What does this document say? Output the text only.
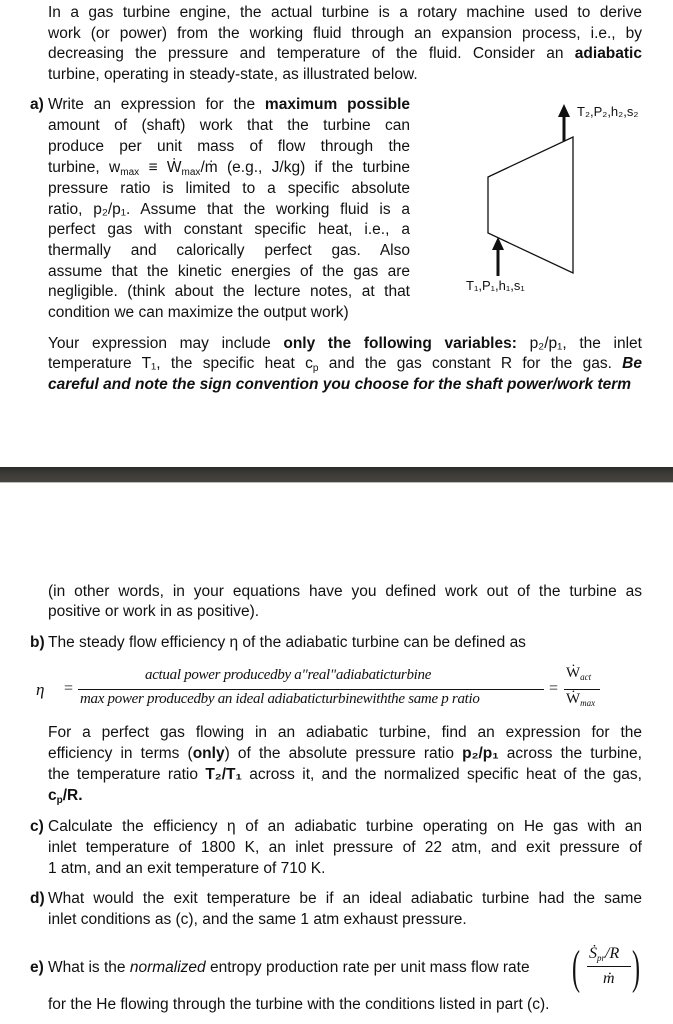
a)
b)
c)
d)
e)
T₂,P₂,h₂,s₂
T₁,P₁,h₁,s₁
η =
actual power producedby a"real"adiabaticturbine
max power producedby an ideal adiabaticturbinewiththe same p ratio
=
Ẇ$_{act}$
Ẇ$_{max}$
( Ṡ$_{pr}$/R
ṁ )
In a gas turbine engine, the actual turbine is a rotary machine used to derive
work (or power) from the working fluid through an expansion process, i.e., by
decreasing the pressure and temperature of the fluid. Consider an adiabatic
turbine, operating in steady-state, as illustrated below.
Write an expression for the maximum possible
amount of (shaft) work that the turbine can
produce per unit mass of flow through the
turbine, $w_{max}$ ≡ Ẇ$_{max}$/ṁ (e.g., J/kg) if the turbine
pressure ratio is limited to a specific absolute
ratio, p₂/p₁. Assume that the working fluid is a
perfect gas with constant specific heat, i.e., a
thermally and calorically perfect gas. Also
assume that the kinetic energies of the gas are
negligible. (think about the lecture notes, at that
condition we can maximize the output work)
Your expression may include only the following variables: p₂/p₁, the inlet
temperature T₁, the specific heat $c_p$ and the gas constant R for the gas. Be
careful and note the sign convention you choose for the shaft power/work term
(in other words, in your equations have you defined work out of the turbine as
positive or work in as positive).
The steady flow efficiency η of the adiabatic turbine can be defined as
For a perfect gas flowing in an adiabatic turbine, find an expression for the
efficiency in terms (only) of the absolute pressure ratio p₂/p₁ across the turbine,
the temperature ratio T₂/T₁ across it, and the normalized specific heat of the gas,
$c_p/R$.
Calculate the efficiency η of an adiabatic turbine operating on He gas with an
inlet temperature of 1800 K, an inlet pressure of 22 atm, and exit pressure of
1 atm, and an exit temperature of 710 K.
What would the exit temperature be if an ideal adiabatic turbine had the same
inlet conditions as (c), and the same 1 atm exhaust pressure.
What is the normalized entropy production rate per unit mass flow rate
for the He flowing through the turbine with the conditions listed in part (c).
